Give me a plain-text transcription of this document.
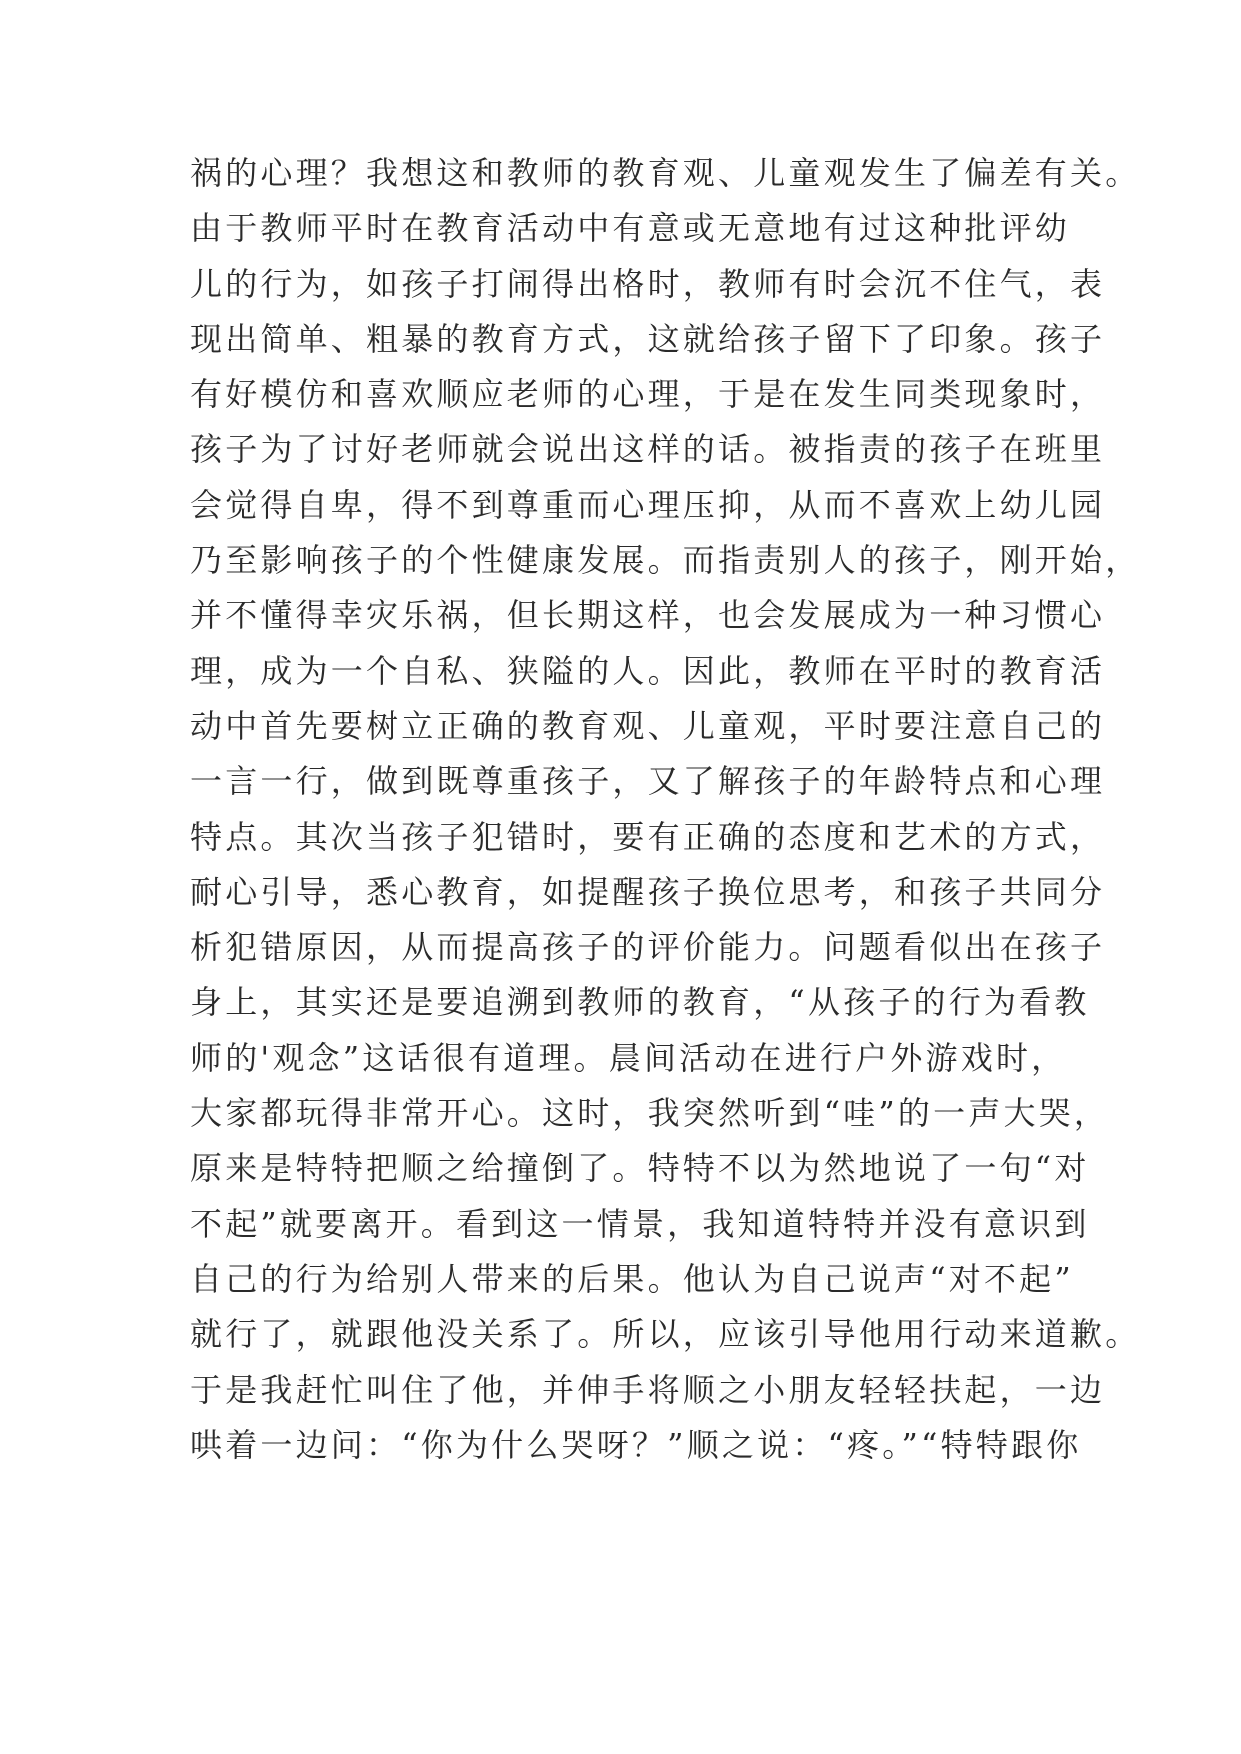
祸的心理？我想这和教师的教育观、儿童观发生了偏差有关。
由于教师平时在教育活动中有意或无意地有过这种批评幼
儿的行为，如孩子打闹得出格时，教师有时会沉不住气，表
现出简单、粗暴的教育方式，这就给孩子留下了印象。孩子
有好模仿和喜欢顺应老师的心理，于是在发生同类现象时，
孩子为了讨好老师就会说出这样的话。被指责的孩子在班里
会觉得自卑，得不到尊重而心理压抑，从而不喜欢上幼儿园
乃至影响孩子的个性健康发展。而指责别人的孩子，刚开始，
并不懂得幸灾乐祸，但长期这样，也会发展成为一种习惯心
理，成为一个自私、狭隘的人。因此，教师在平时的教育活
动中首先要树立正确的教育观、儿童观，平时要注意自己的
一言一行，做到既尊重孩子，又了解孩子的年龄特点和心理
特点。其次当孩子犯错时，要有正确的态度和艺术的方式，
耐心引导，悉心教育，如提醒孩子换位思考，和孩子共同分
析犯错原因，从而提高孩子的评价能力。问题看似出在孩子
身上，其实还是要追溯到教师的教育，“从孩子的行为看教
师的'观念”这话很有道理。晨间活动在进行户外游戏时，
大家都玩得非常开心。这时，我突然听到“哇”的一声大哭，
原来是特特把顺之给撞倒了。特特不以为然地说了一句“对
不起”就要离开。看到这一情景，我知道特特并没有意识到
自己的行为给别人带来的后果。他认为自己说声“对不起”
就行了，就跟他没关系了。所以，应该引导他用行动来道歉。
于是我赶忙叫住了他，并伸手将顺之小朋友轻轻扶起，一边
哄着一边问：“你为什么哭呀？”顺之说：“疼。”“特特跟你
